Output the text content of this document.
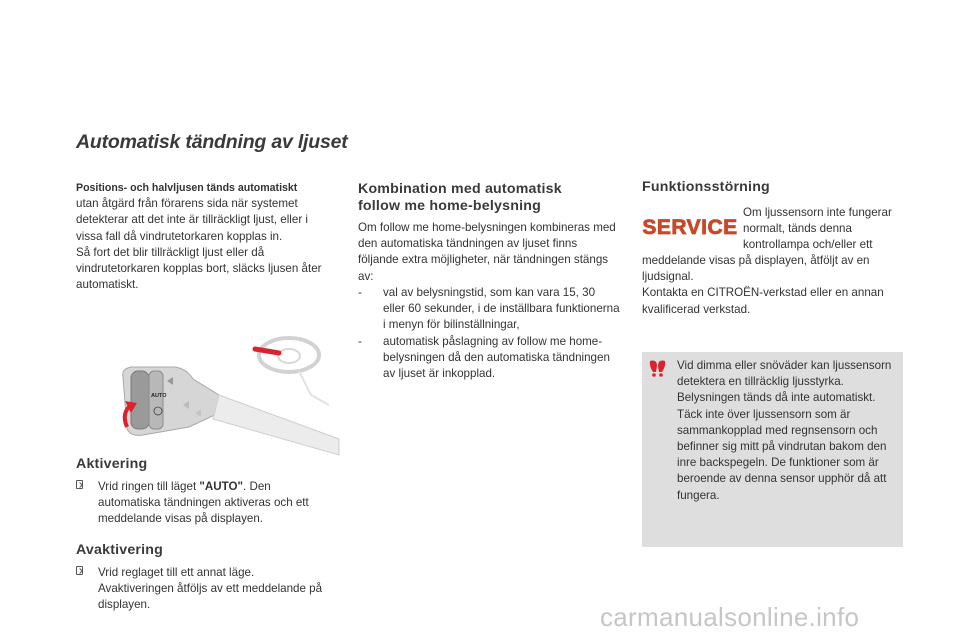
Automatisk tändning av ljuset
Positions- och halvljusen tänds automatiskt
utan åtgärd från förarens sida när systemet detekterar att det inte är tillräckligt ljust, eller i vissa fall då vindrutetorkaren kopplas in.
Så fort det blir tillräckligt ljust eller då vindrutetorkaren kopplas bort, släcks ljusen åter automatiskt.
AUTO
Aktivering
Vrid ringen till läget "AUTO". Den automatiska tändningen aktiveras och ett meddelande visas på displayen.
Avaktivering
Vrid reglaget till ett annat läge. Avaktiveringen åtföljs av ett meddelande på displayen.
Kombination med automatisk
follow me home-belysning
Om follow me home-belysningen kombineras med den automatiska tändningen av ljuset finns följande extra möjligheter, när tändningen stängs av:
- val av belysningstid, som kan vara 15, 30 eller 60 sekunder, i de inställbara funktionerna i menyn för bilinställningar,
- automatisk påslagning av follow me home-belysningen då den automatiska tändningen av ljuset är inkopplad.
Funktionsstörning
SERVICE
Om ljussensorn inte fungerar normalt, tänds denna kontrollampa och/eller ett
meddelande visas på displayen, åtföljt av en ljudsignal.
Kontakta en CITROËN-verkstad eller en annan kvalificerad verkstad.
Vid dimma eller snöväder kan ljussensorn detektera en tillräcklig ljusstyrka. Belysningen tänds då inte automatiskt.
Täck inte över ljussensorn som är sammankopplad med regnsensorn och befinner sig mitt på vindrutan bakom den inre backspegeln. De funktioner som är beroende av denna sensor upphör då att fungera.
carmanualsonline.info
